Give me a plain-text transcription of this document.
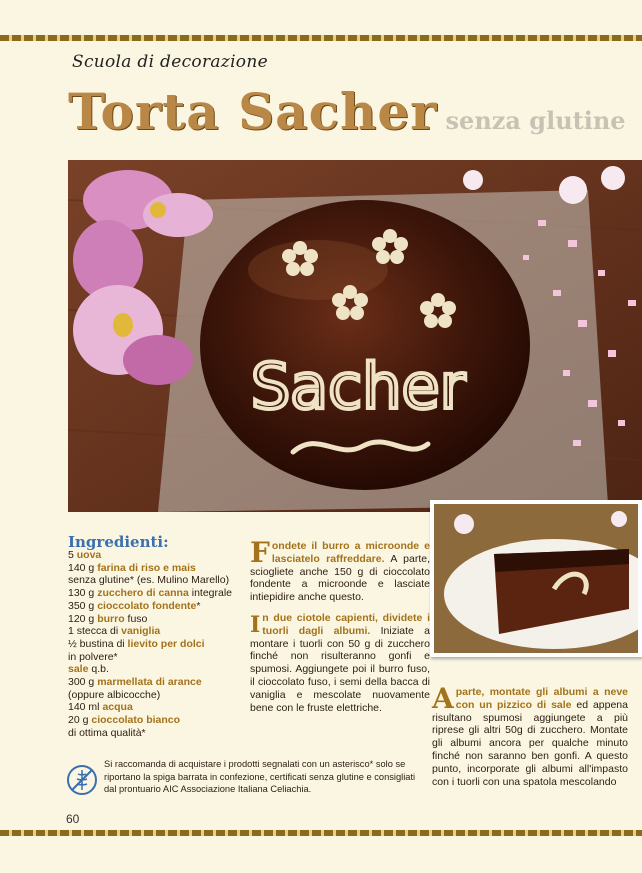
Scuola di decorazione
Torta Sacher senza glutine
Sacher
Ingredienti:
5 uova
140 g farina di riso e mais
senza glutine* (es. Mulino Marello)
130 g zucchero di canna integrale
350 g cioccolato fondente*
120 g burro fuso
1 stecca di vaniglia
½ bustina di lievito per dolci
in polvere*
sale q.b.
300 g marmellata di arance
(oppure albicocche)
140 ml acqua
20 g cioccolato bianco
di ottima qualità*

Fondete il burro a microonde e lasciatelo raffreddare. A parte, sciogliete anche 150 g di cioccolato fondente a microonde e lasciate intiepidire anche questo.

In due ciotole capienti, dividete i tuorli dagli albumi. Iniziate a montare i tuorli con 50 g di zucchero finché non risulteranno gonfi e spumosi. Aggiungete poi il burro fuso, il cioccolato fuso, i semi della bacca di vaniglia e mescolate nuovamente bene con le fruste elettriche.	Aparte, montate gli albumi a neve con un pizzico di sale ed appena risultano spumosi aggiungete a più riprese gli altri 50g di zucchero. Montate gli albumi ancora per qualche minuto finché non saranno ben gonfi. A questo punto, incorporate gli albumi all'impasto con i tuorli con una spatola mescolando

Si raccomanda di acquistare i prodotti segnalati con un asterisco* solo se riportano la spiga barrata in confezione, certificati senza glutine e consigliati dal prontuario AIC Associazione Italiana Celiachia.
60
